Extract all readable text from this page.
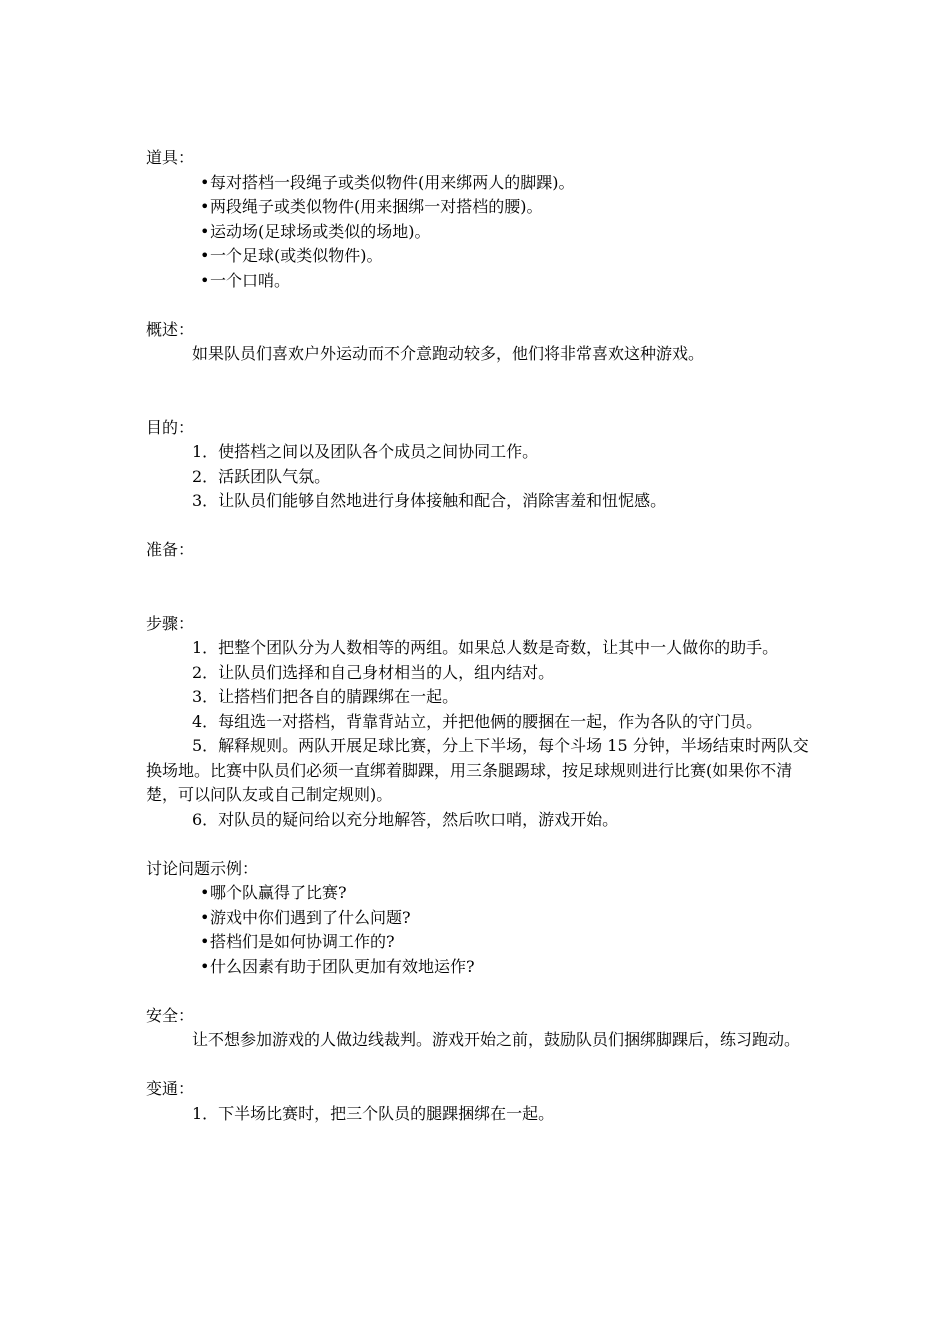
道具：

•每对搭档一段绳子或类似物件(用来绑两人的脚踝)。

•两段绳子或类似物件(用来捆绑一对搭档的腰)。

•运动场(足球场或类似的场地)。

•一个足球(或类似物件)。

•一个口哨。

概述：

如果队员们喜欢户外运动而不介意跑动较多，他们将非常喜欢这种游戏。

目的：

1．使搭档之间以及团队各个成员之间协同工作。

2．活跃团队气氛。

3．让队员们能够自然地进行身体接触和配合，消除害羞和忸怩感。

准备：

步骤：

1．把整个团队分为人数相等的两组。如果总人数是奇数，让其中一人做你的助手。

2．让队员们选择和自己身材相当的人，组内结对。

3．让搭档们把各自的腈踝绑在一起。

4．每组选一对搭档，背靠背站立，并把他俩的腰捆在一起，作为各队的守门员。

5．解释规则。两队开展足球比赛，分上下半场，每个斗场 15 分钟，半场结束时两队交换场地。比赛中队员们必须一直绑着脚踝，用三条腿踢球，按足球规则进行比赛(如果你不清楚，可以问队友或自己制定规则)。

6．对队员的疑问给以充分地解答，然后吹口哨，游戏开始。

讨论问题示例：

•哪个队赢得了比赛?

•游戏中你们遇到了什么问题?

•搭档们是如何协调工作的?

•什么因素有助于团队更加有效地运作?

安全：

让不想参加游戏的人做边线裁判。游戏开始之前，鼓励队员们捆绑脚踝后，练习跑动。

变通：

1．下半场比赛时，把三个队员的腿踝捆绑在一起。
